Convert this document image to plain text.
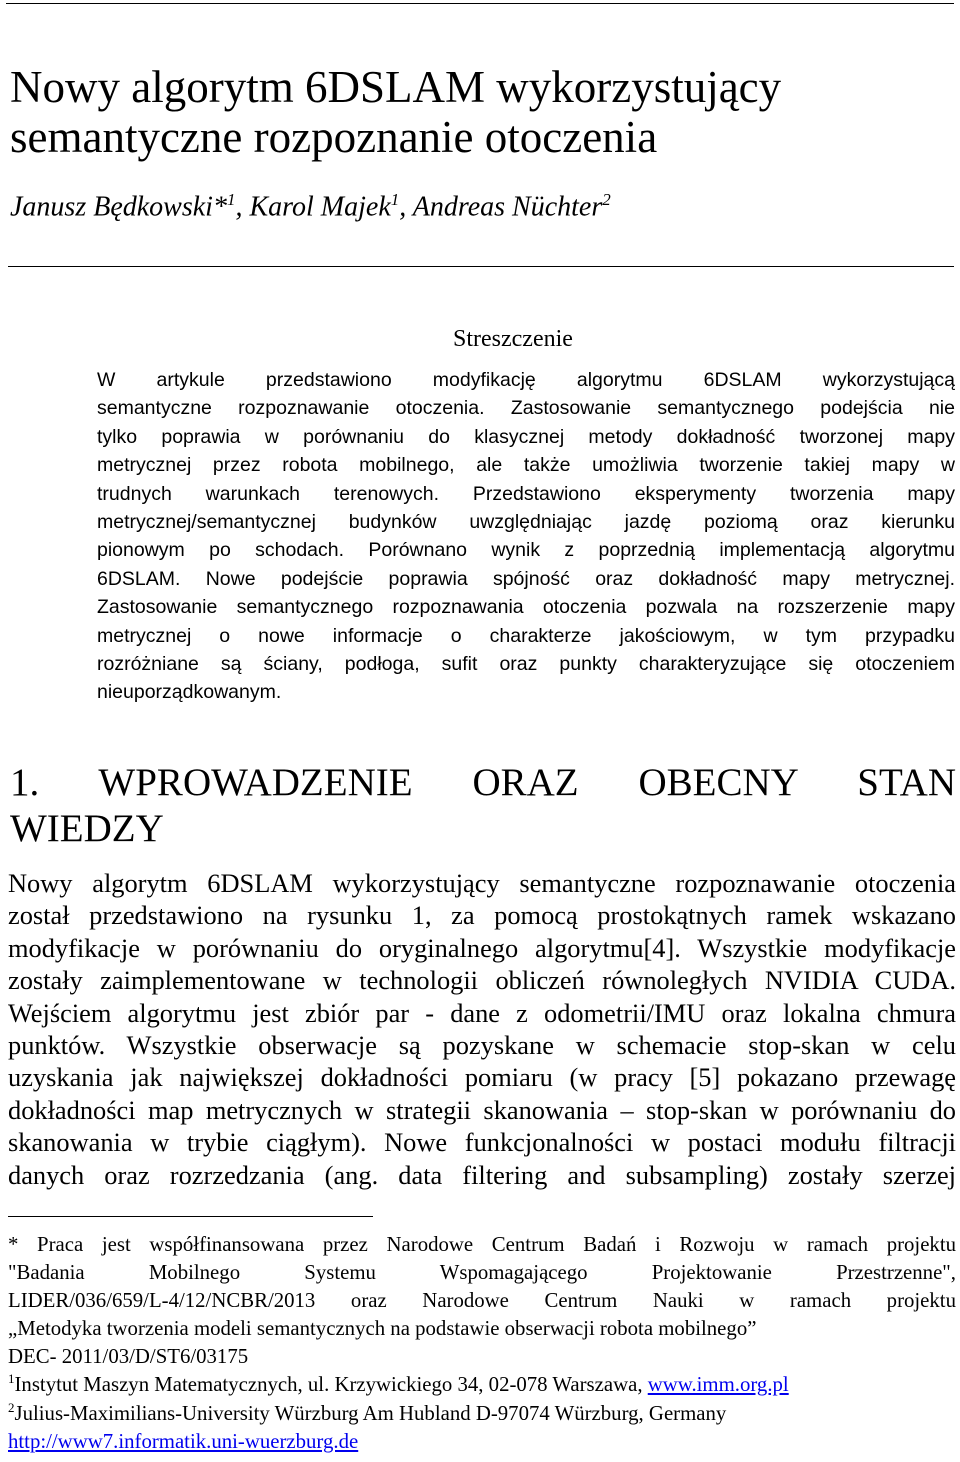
Nowy algorytm 6DSLAM wykorzystujący
semantyczne rozpoznanie otoczenia
Janusz Będkowski*$^1$, Karol Majek$^1$, Andreas Nüchter$^2$
Streszczenie
W artykule przedstawiono modyfikację algorytmu 6DSLAM wykorzystującą
semantyczne rozpoznawanie otoczenia. Zastosowanie semantycznego podejścia nie
tylko poprawia w porównaniu do klasycznej metody dokładność tworzonej mapy
metrycznej przez robota mobilnego, ale także umożliwia tworzenie takiej mapy w
trudnych warunkach terenowych. Przedstawiono eksperymenty tworzenia mapy
metrycznej/semantycznej budynków uwzględniając jazdę poziomą oraz kierunku
pionowym po schodach. Porównano wynik z poprzednią implementacją algorytmu
6DSLAM. Nowe podejście poprawia spójność oraz dokładność mapy metrycznej.
Zastosowanie semantycznego rozpoznawania otoczenia pozwala na rozszerzenie mapy
metrycznej o nowe informacje o charakterze jakościowym, w tym przypadku
rozróżniane są ściany, podłoga, sufit oraz punkty charakteryzujące się otoczeniem
nieuporządkowanym.
1. WPROWADZENIE ORAZ OBECNY STAN
WIEDZY
Nowy algorytm 6DSLAM wykorzystujący semantyczne rozpoznawanie otoczenia
został przedstawiono na rysunku 1, za pomocą prostokątnych ramek wskazano
modyfikacje w porównaniu do oryginalnego algorytmu[4]. Wszystkie modyfikacje
zostały zaimplementowane w technologii obliczeń równoległych NVIDIA CUDA.
Wejściem algorytmu jest zbiór par - dane z odometrii/IMU oraz lokalna chmura
punktów. Wszystkie obserwacje są pozyskane w schemacie stop-skan w celu
uzyskania jak największej dokładności pomiaru (w pracy [5] pokazano przewagę
dokładności map metrycznych w strategii skanowania – stop-skan w porównaniu do
skanowania w trybie ciągłym). Nowe funkcjonalności w postaci modułu filtracji
danych oraz rozrzedzania (ang. data filtering and subsampling) zostały szerzej
* Praca jest współfinansowana przez Narodowe Centrum Badań i Rozwoju w ramach projektu
"Badania Mobilnego Systemu Wspomagającego Projektowanie Przestrzenne",
LIDER/036/659/L-4/12/NCBR/2013 oraz Narodowe Centrum Nauki w ramach projektu
„Metodyka tworzenia modeli semantycznych na podstawie obserwacji robota mobilnego”
DEC- 2011/03/D/ST6/03175
$^1$Instytut Maszyn Matematycznych, ul. Krzywickiego 34, 02-078 Warszawa, www.imm.org.pl
$^2$Julius-Maximilians-University Würzburg Am Hubland D-97074 Würzburg, Germany
http://www7.informatik.uni-wuerzburg.de
